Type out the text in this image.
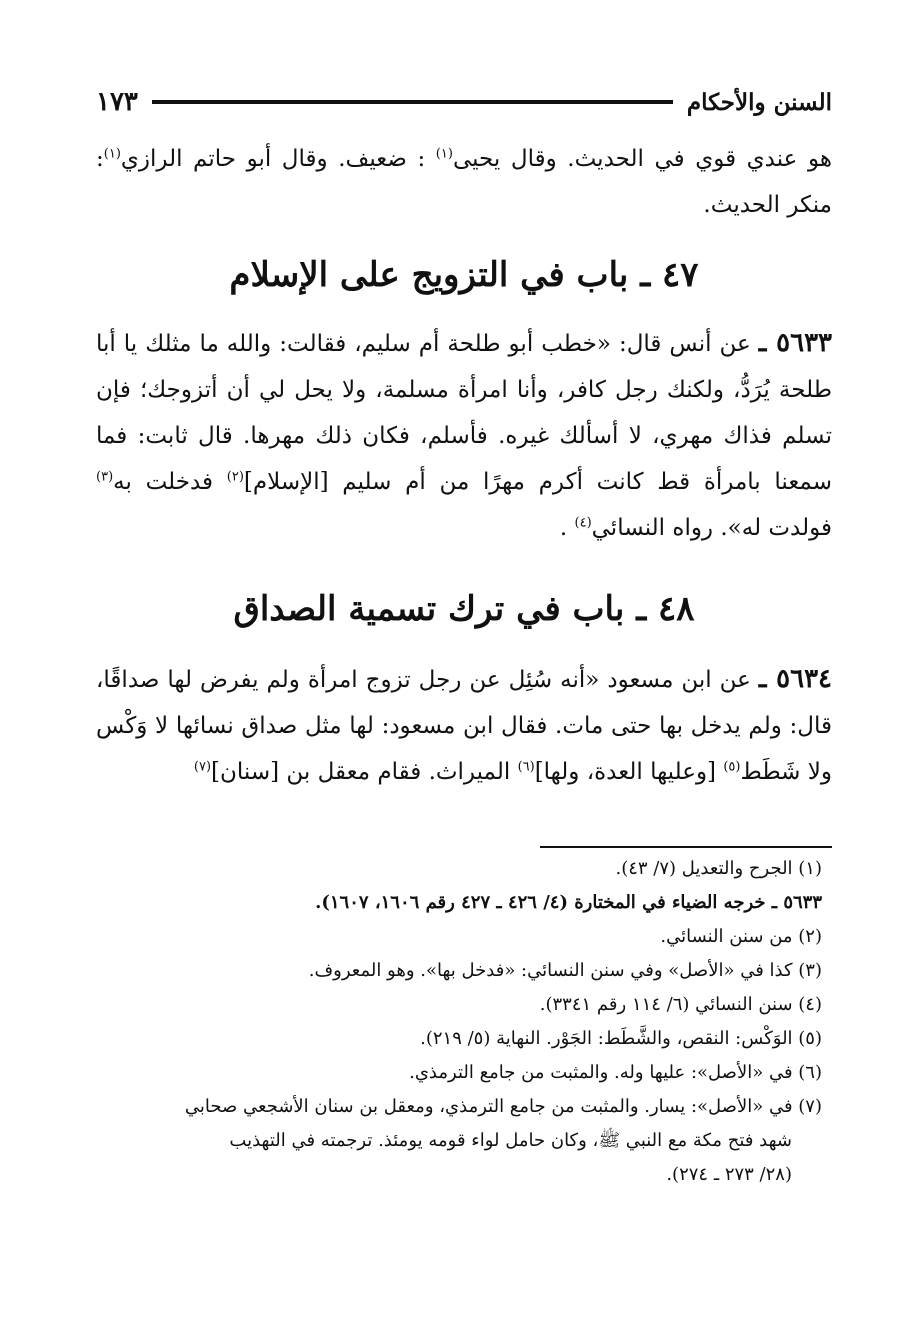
السنن والأحكام
١٧٣
هو عندي قوي في الحديث. وقال يحيى$^{(١)}$ : ضعيف. وقال أبو حاتم الرازي$^{(١)}$: منكر الحديث.
٤٧ ـ باب في التزويج على الإسلام
٥٦٣٣ ـ عن أنس قال: «خطب أبو طلحة أم سليم، فقالت: والله ما مثلك يا أبا طلحة يُرَدُّ، ولكنك رجل كافر، وأنا امرأة مسلمة، ولا يحل لي أن أتزوجك؛ فإن تسلم فذاك مهري، لا أسألك غيره. فأسلم، فكان ذلك مهرها. قال ثابت: فما سمعنا بامرأة قط كانت أكرم مهرًا من أم سليم [الإسلام]$^{(٢)}$ فدخلت به$^{(٣)}$ فولدت له». رواه النسائي$^{(٤)}$ .
٤٨ ـ باب في ترك تسمية الصداق
٥٦٣٤ ـ عن ابن مسعود «أنه سُئِل عن رجل تزوج امرأة ولم يفرض لها صداقًا، قال: ولم يدخل بها حتى مات. فقال ابن مسعود: لها مثل صداق نسائها لا وَكْس ولا شَطَط$^{(٥)}$ [وعليها العدة، ولها]$^{(٦)}$ الميراث. فقام معقل بن [سنان]$^{(٧)}$
(١) الجرح والتعديل (٧/ ٤٣).
٥٦٣٣ ـ خرجه الضياء في المختارة (٤/ ٤٢٦ ـ ٤٢٧ رقم ١٦٠٦، ١٦٠٧).
(٢) من سنن النسائي.
(٣) كذا في «الأصل» وفي سنن النسائي: «فدخل بها». وهو المعروف.
(٤) سنن النسائي (٦/ ١١٤ رقم ٣٣٤١).
(٥) الوَكْس: النقص، والشَّطَط: الجَوْر. النهاية (٥/ ٢١٩).
(٦) في «الأصل»: عليها وله. والمثبت من جامع الترمذي.
(٧) في «الأصل»: يسار. والمثبت من جامع الترمذي، ومعقل بن سنان الأشجعي صحابي
شهد فتح مكة مع النبي ﷺ، وكان حامل لواء قومه يومئذ. ترجمته في التهذيب
(٢٨/ ٢٧٣ ـ ٢٧٤).
